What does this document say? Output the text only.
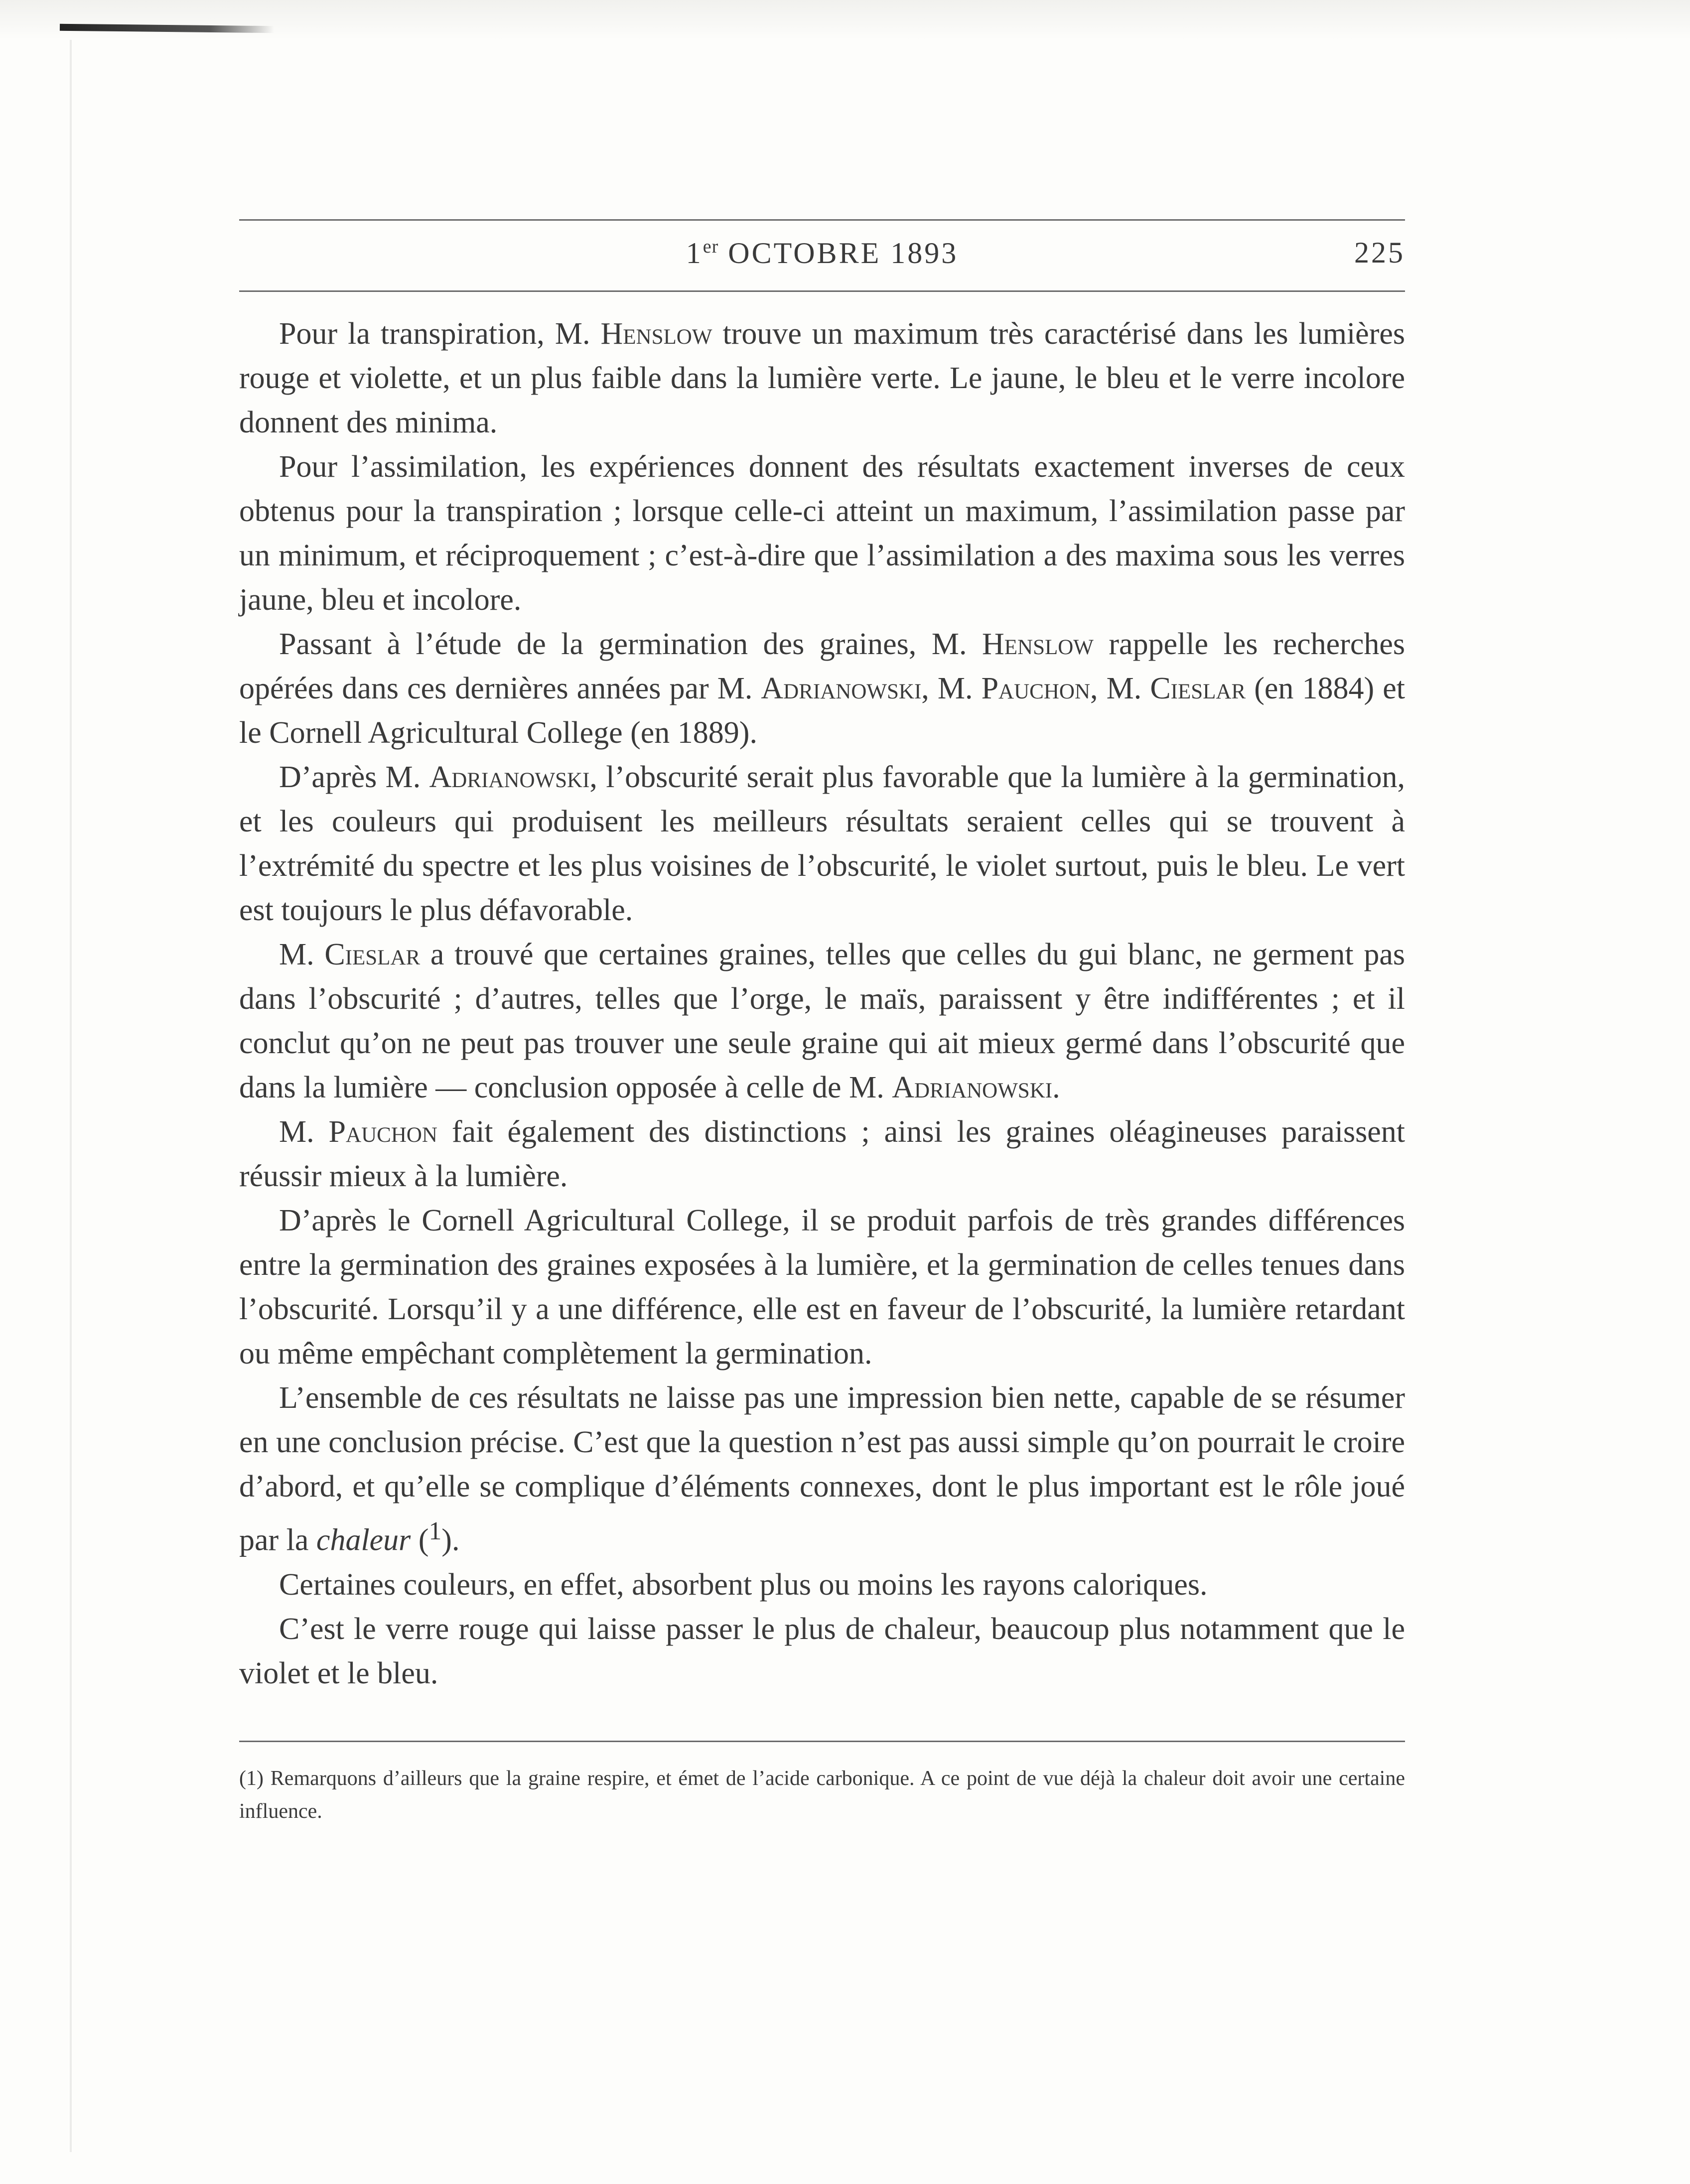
1er OCTOBRE 1893	225

Pour la transpiration, M. Henslow trouve un maximum très caractérisé dans les lumières rouge et violette, et un plus faible dans la lumière verte. Le jaune, le bleu et le verre incolore donnent des minima.

Pour l’assimilation, les expériences donnent des résultats exactement inverses de ceux obtenus pour la transpiration ; lorsque celle-ci atteint un maximum, l’assimilation passe par un minimum, et réciproquement ; c’est-à-dire que l’assimilation a des maxima sous les verres jaune, bleu et incolore.

Passant à l’étude de la germination des graines, M. Henslow rappelle les recherches opérées dans ces dernières années par M. Adrianowski, M. Pauchon, M. Cieslar (en 1884) et le Cornell Agricultural College (en 1889).

D’après M. Adrianowski, l’obscurité serait plus favorable que la lumière à la germination, et les couleurs qui produisent les meilleurs résultats seraient celles qui se trouvent à l’extrémité du spectre et les plus voisines de l’obscurité, le violet surtout, puis le bleu. Le vert est toujours le plus défavorable.

M. Cieslar a trouvé que certaines graines, telles que celles du gui blanc, ne germent pas dans l’obscurité ; d’autres, telles que l’orge, le maïs, paraissent y être indifférentes ; et il conclut qu’on ne peut pas trouver une seule graine qui ait mieux germé dans l’obscurité que dans la lumière — conclusion opposée à celle de M. Adrianowski.

M. Pauchon fait également des distinctions ; ainsi les graines oléagineuses paraissent réussir mieux à la lumière.

D’après le Cornell Agricultural College, il se produit parfois de très grandes différences entre la germination des graines exposées à la lumière, et la germination de celles tenues dans l’obscurité. Lorsqu’il y a une différence, elle est en faveur de l’obscurité, la lumière retardant ou même empêchant complètement la germination.

L’ensemble de ces résultats ne laisse pas une impression bien nette, capable de se résumer en une conclusion précise. C’est que la question n’est pas aussi simple qu’on pourrait le croire d’abord, et qu’elle se complique d’éléments connexes, dont le plus important est le rôle joué par la chaleur ($^1$).

Certaines couleurs, en effet, absorbent plus ou moins les rayons caloriques.

C’est le verre rouge qui laisse passer le plus de chaleur, beaucoup plus notamment que le violet et le bleu.

(1) Remarquons d’ailleurs que la graine respire, et émet de l’acide carbonique. A ce point de vue déjà la chaleur doit avoir une certaine influence.
